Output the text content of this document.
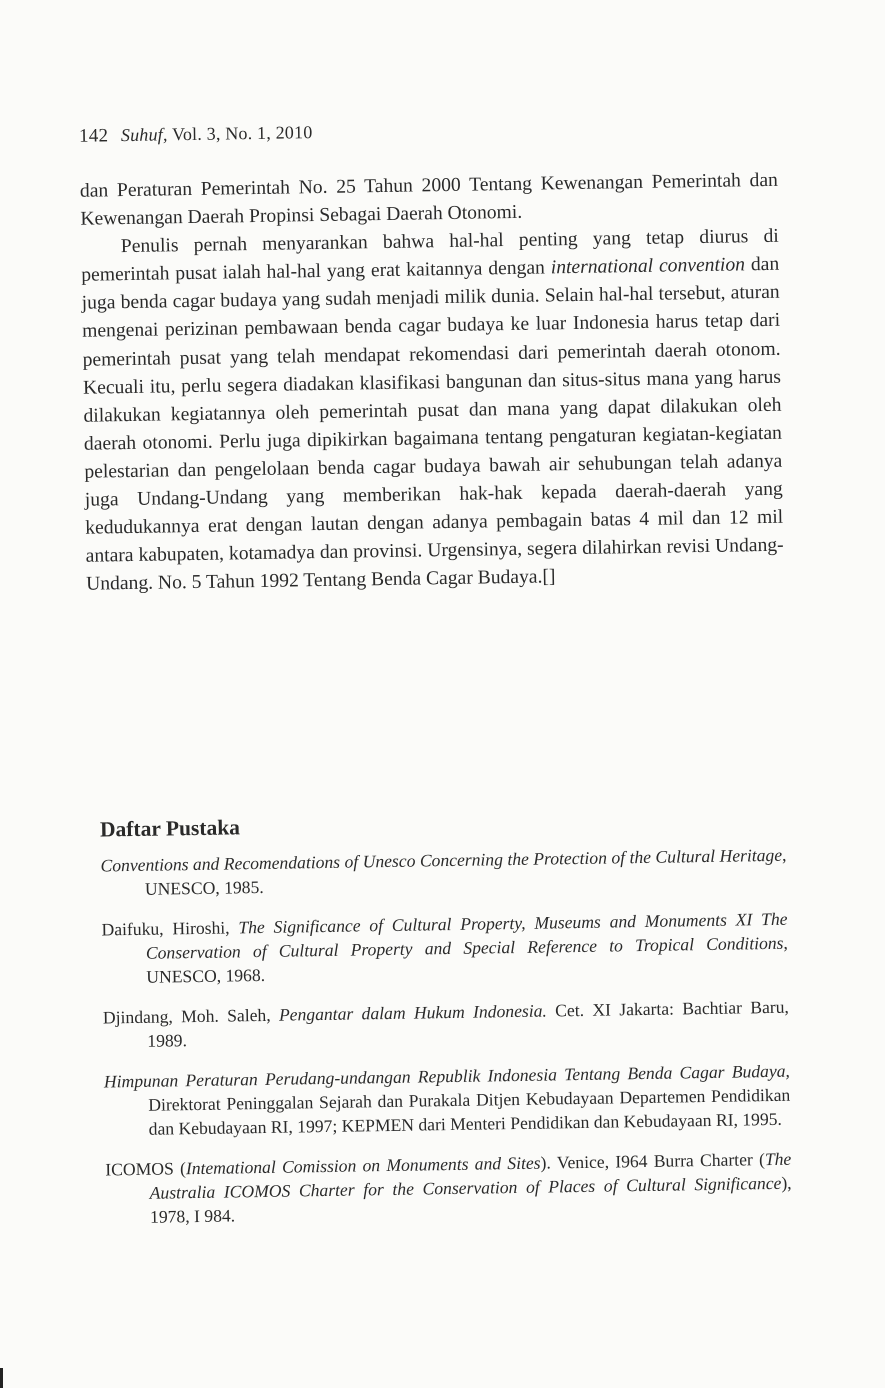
142 Suhuf, Vol. 3, No. 1, 2010

dan Peraturan Pemerintah No. 25 Tahun 2000 Tentang Kewenangan Pemerintah dan Kewenangan Daerah Propinsi Sebagai Daerah Otonomi.

Penulis pernah menyarankan bahwa hal-hal penting yang tetap diurus di pemerintah pusat ialah hal-hal yang erat kaitannya dengan international convention dan juga benda cagar budaya yang sudah menjadi milik dunia. Selain hal-hal tersebut, aturan mengenai perizinan pembawaan benda cagar budaya ke luar Indonesia harus tetap dari pemerintah pusat yang telah mendapat rekomendasi dari pemerintah daerah otonom. Kecuali itu, perlu segera diadakan klasifikasi bangunan dan situs-situs mana yang harus dilakukan kegiatannya oleh pemerintah pusat dan mana yang dapat dilakukan oleh daerah otonomi. Perlu juga dipikirkan bagaimana tentang pengaturan kegiatan-kegiatan pelestarian dan pengelolaan benda cagar budaya bawah air sehubungan telah adanya juga Undang-Undang yang memberikan hak-hak kepada daerah-daerah yang kedudukannya erat dengan lautan dengan adanya pembagain batas 4 mil dan 12 mil antara kabupaten, kotamadya dan provinsi. Urgensinya, segera dilahirkan revisi Undang-Undang. No. 5 Tahun 1992 Tentang Benda Cagar Budaya.[]

Daftar Pustaka

Conventions and Recomendations of Unesco Concerning the Protection of the Cultural Heritage, UNESCO, 1985.

Daifuku, Hiroshi, The Significance of Cultural Property, Museums and Monuments XI The Conservation of Cultural Property and Special Reference to Tropical Conditions, UNESCO, 1968.

Djindang, Moh. Saleh, Pengantar dalam Hukum Indonesia. Cet. XI Jakarta: Bachtiar Baru, 1989.

Himpunan Peraturan Perudang-undangan Republik Indonesia Tentang Benda Cagar Budaya, Direktorat Peninggalan Sejarah dan Purakala Ditjen Kebudayaan Departemen Pendidikan dan Kebudayaan RI, 1997; KEPMEN dari Menteri Pendidikan dan Kebudayaan RI, 1995.

ICOMOS (Intemational Comission on Monuments and Sites). Venice, I964 Burra Charter (The Australia ICOMOS Charter for the Conservation of Places of Cultural Significance), 1978, I 984.
